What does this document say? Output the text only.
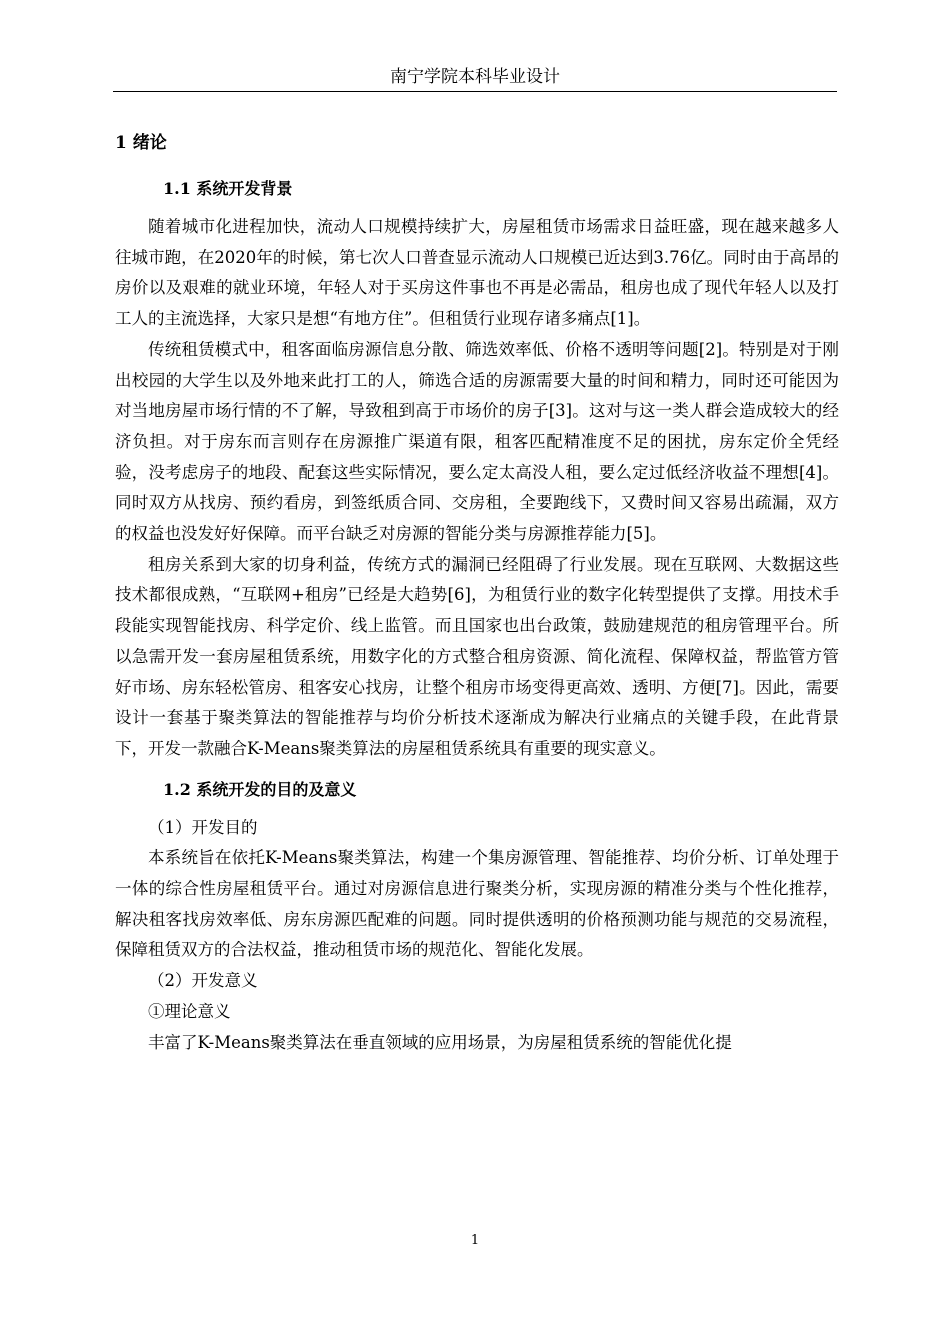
南宁学院本科毕业设计
1 绪论
1.1 系统开发背景

随着城市化进程加快，流动人口规模持续扩大，房屋租赁市场需求日益旺盛，现在越来越多人往城市跑，在2020年的时候，第七次人口普查显示流动人口规模已近达到3.76亿。同时由于高昂的房价以及艰难的就业环境，年轻人对于买房这件事也不再是必需品，租房也成了现代年轻人以及打工人的主流选择，大家只是想“有地方住”。但租赁行业现存诸多痛点[1]。

传统租赁模式中，租客面临房源信息分散、筛选效率低、价格不透明等问题[2]。特别是对于刚出校园的大学生以及外地来此打工的人，筛选合适的房源需要大量的时间和精力，同时还可能因为对当地房屋市场行情的不了解，导致租到高于市场价的房子[3]。这对与这一类人群会造成较大的经济负担。对于房东而言则存在房源推广渠道有限，租客匹配精准度不足的困扰，房东定价全凭经验，没考虑房子的地段、配套这些实际情况，要么定太高没人租，要么定过低经济收益不理想[4]。同时双方从找房、预约看房，到签纸质合同、交房租，全要跑线下，又费时间又容易出疏漏，双方的权益也没发好好保障。而平台缺乏对房源的智能分类与房源推荐能力[5]。

租房关系到大家的切身利益，传统方式的漏洞已经阻碍了行业发展。现在互联网、大数据这些技术都很成熟，“互联网+租房”已经是大趋势[6]，为租赁行业的数字化转型提供了支撑。用技术手段能实现智能找房、科学定价、线上监管。而且国家也出台政策，鼓励建规范的租房管理平台。所以急需开发一套房屋租赁系统，用数字化的方式整合租房资源、简化流程、保障权益，帮监管方管好市场、房东轻松管房、租客安心找房，让整个租房市场变得更高效、透明、方便[7]。因此，需要设计一套基于聚类算法的智能推荐与均价分析技术逐渐成为解决行业痛点的关键手段，在此背景下，开发一款融合K-Means聚类算法的房屋租赁系统具有重要的现实意义。

1.2 系统开发的目的及意义

（1）开发目的

本系统旨在依托K-Means聚类算法，构建一个集房源管理、智能推荐、均价分析、订单处理于一体的综合性房屋租赁平台。通过对房源信息进行聚类分析，实现房源的精准分类与个性化推荐，解决租客找房效率低、房东房源匹配难的问题。同时提供透明的价格预测功能与规范的交易流程，保障租赁双方的合法权益，推动租赁市场的规范化、智能化发展。

（2）开发意义

①理论意义

丰富了K-Means聚类算法在垂直领域的应用场景，为房屋租赁系统的智能优化提

1
